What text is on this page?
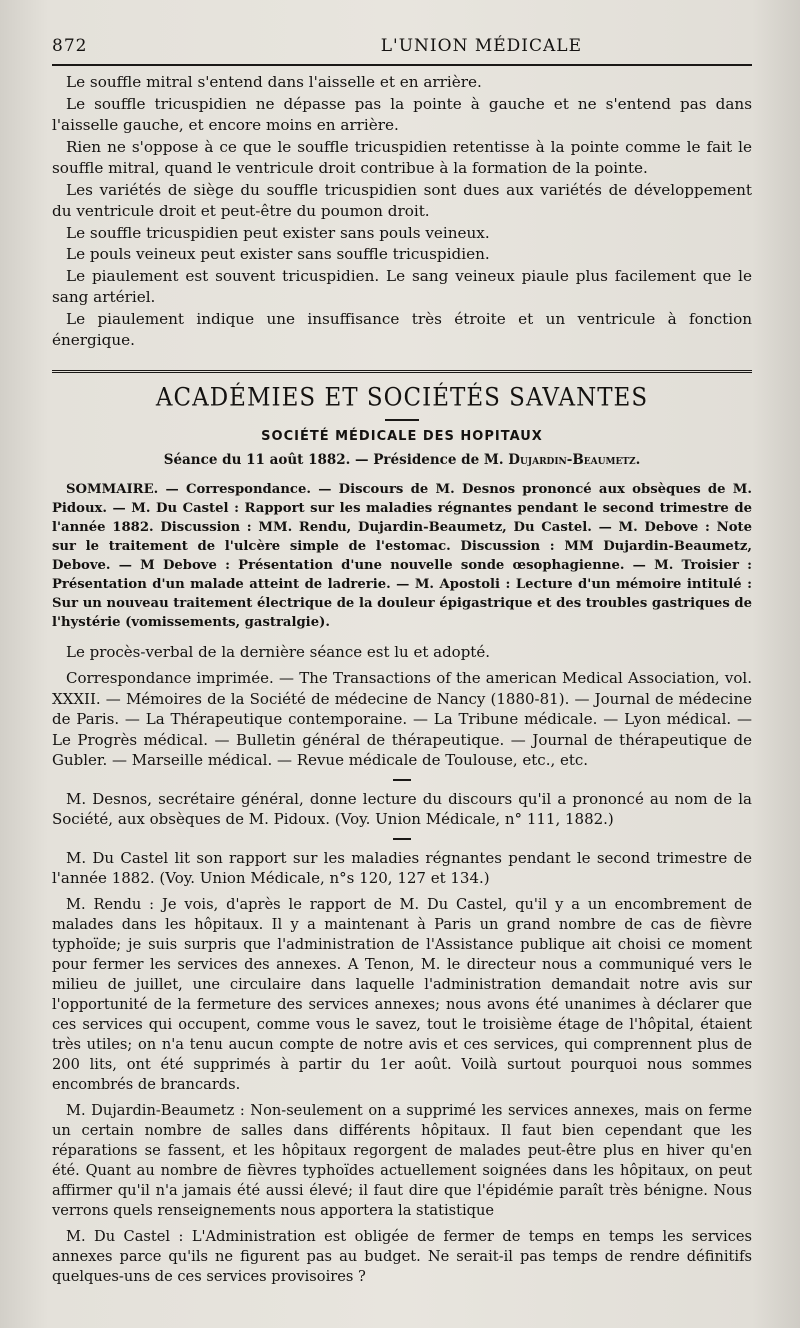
872	L'UNION MÉDICALE

Le souffle mitral s'entend dans l'aisselle et en arrière.

Le souffle tricuspidien ne dépasse pas la pointe à gauche et ne s'entend pas dans l'aisselle gauche, et encore moins en arrière.

Rien ne s'oppose à ce que le souffle tricuspidien retentisse à la pointe comme le fait le souffle mitral, quand le ventricule droit contribue à la formation de la pointe.

Les variétés de siège du souffle tricuspidien sont dues aux variétés de développement du ventricule droit et peut-être du poumon droit.

Le souffle tricuspidien peut exister sans pouls veineux.

Le pouls veineux peut exister sans souffle tricuspidien.

Le piaulement est souvent tricuspidien. Le sang veineux piaule plus facilement que le sang artériel.

Le piaulement indique une insuffisance très étroite et un ventricule à fonction énergique.

ACADÉMIES ET SOCIÉTÉS SAVANTES
SOCIÉTÉ MÉDICALE DES HOPITAUX
Séance du 11 août 1882. — Présidence de M. Dujardin-Beaumetz.

SOMMAIRE. — Correspondance. — Discours de M. Desnos prononcé aux obsèques de M. Pidoux. — M. Du Castel : Rapport sur les maladies régnantes pendant le second trimestre de l'année 1882. Discussion : MM. Rendu, Dujardin-Beaumetz, Du Castel. — M. Debove : Note sur le traitement de l'ulcère simple de l'estomac. Discussion : MM Dujardin-Beaumetz, Debove. — M Debove : Présentation d'une nouvelle sonde œsophagienne. — M. Troisier : Présentation d'un malade atteint de ladrerie. — M. Apostoli : Lecture d'un mémoire intitulé : Sur un nouveau traitement électrique de la douleur épigastrique et des troubles gastriques de l'hystérie (vomissements, gastralgie).

Le procès-verbal de la dernière séance est lu et adopté.

Correspondance imprimée. — The Transactions of the american Medical Association, vol. XXXII. — Mémoires de la Société de médecine de Nancy (1880-81). — Journal de médecine de Paris. — La Thérapeutique contemporaine. — La Tribune médicale. — Lyon médical. — Le Progrès médical. — Bulletin général de thérapeutique. — Journal de thérapeutique de Gubler. — Marseille médical. — Revue médicale de Toulouse, etc., etc.

M. Desnos, secrétaire général, donne lecture du discours qu'il a prononcé au nom de la Société, aux obsèques de M. Pidoux. (Voy. Union Médicale, n° 111, 1882.)

M. Du Castel lit son rapport sur les maladies régnantes pendant le second trimestre de l'année 1882. (Voy. Union Médicale, n°s 120, 127 et 134.)

M. Rendu : Je vois, d'après le rapport de M. Du Castel, qu'il y a un encombrement de malades dans les hôpitaux. Il y a maintenant à Paris un grand nombre de cas de fièvre typhoïde; je suis surpris que l'administration de l'Assistance publique ait choisi ce moment pour fermer les services des annexes. A Tenon, M. le directeur nous a communiqué vers le milieu de juillet, une circulaire dans laquelle l'administration demandait notre avis sur l'opportunité de la fermeture des services annexes; nous avons été unanimes à déclarer que ces services qui occupent, comme vous le savez, tout le troisième étage de l'hôpital, étaient très utiles; on n'a tenu aucun compte de notre avis et ces services, qui comprennent plus de 200 lits, ont été supprimés à partir du 1er août. Voilà surtout pourquoi nous sommes encombrés de brancards.

M. Dujardin-Beaumetz : Non-seulement on a supprimé les services annexes, mais on ferme un certain nombre de salles dans différents hôpitaux. Il faut bien cependant que les réparations se fassent, et les hôpitaux regorgent de malades peut-être plus en hiver qu'en été. Quant au nombre de fièvres typhoïdes actuellement soignées dans les hôpitaux, on peut affirmer qu'il n'a jamais été aussi élevé; il faut dire que l'épidémie paraît très bénigne. Nous verrons quels renseignements nous apportera la statistique

M. Du Castel : L'Administration est obligée de fermer de temps en temps les services annexes parce qu'ils ne figurent pas au budget. Ne serait-il pas temps de rendre définitifs quelques-uns de ces services provisoires ?
